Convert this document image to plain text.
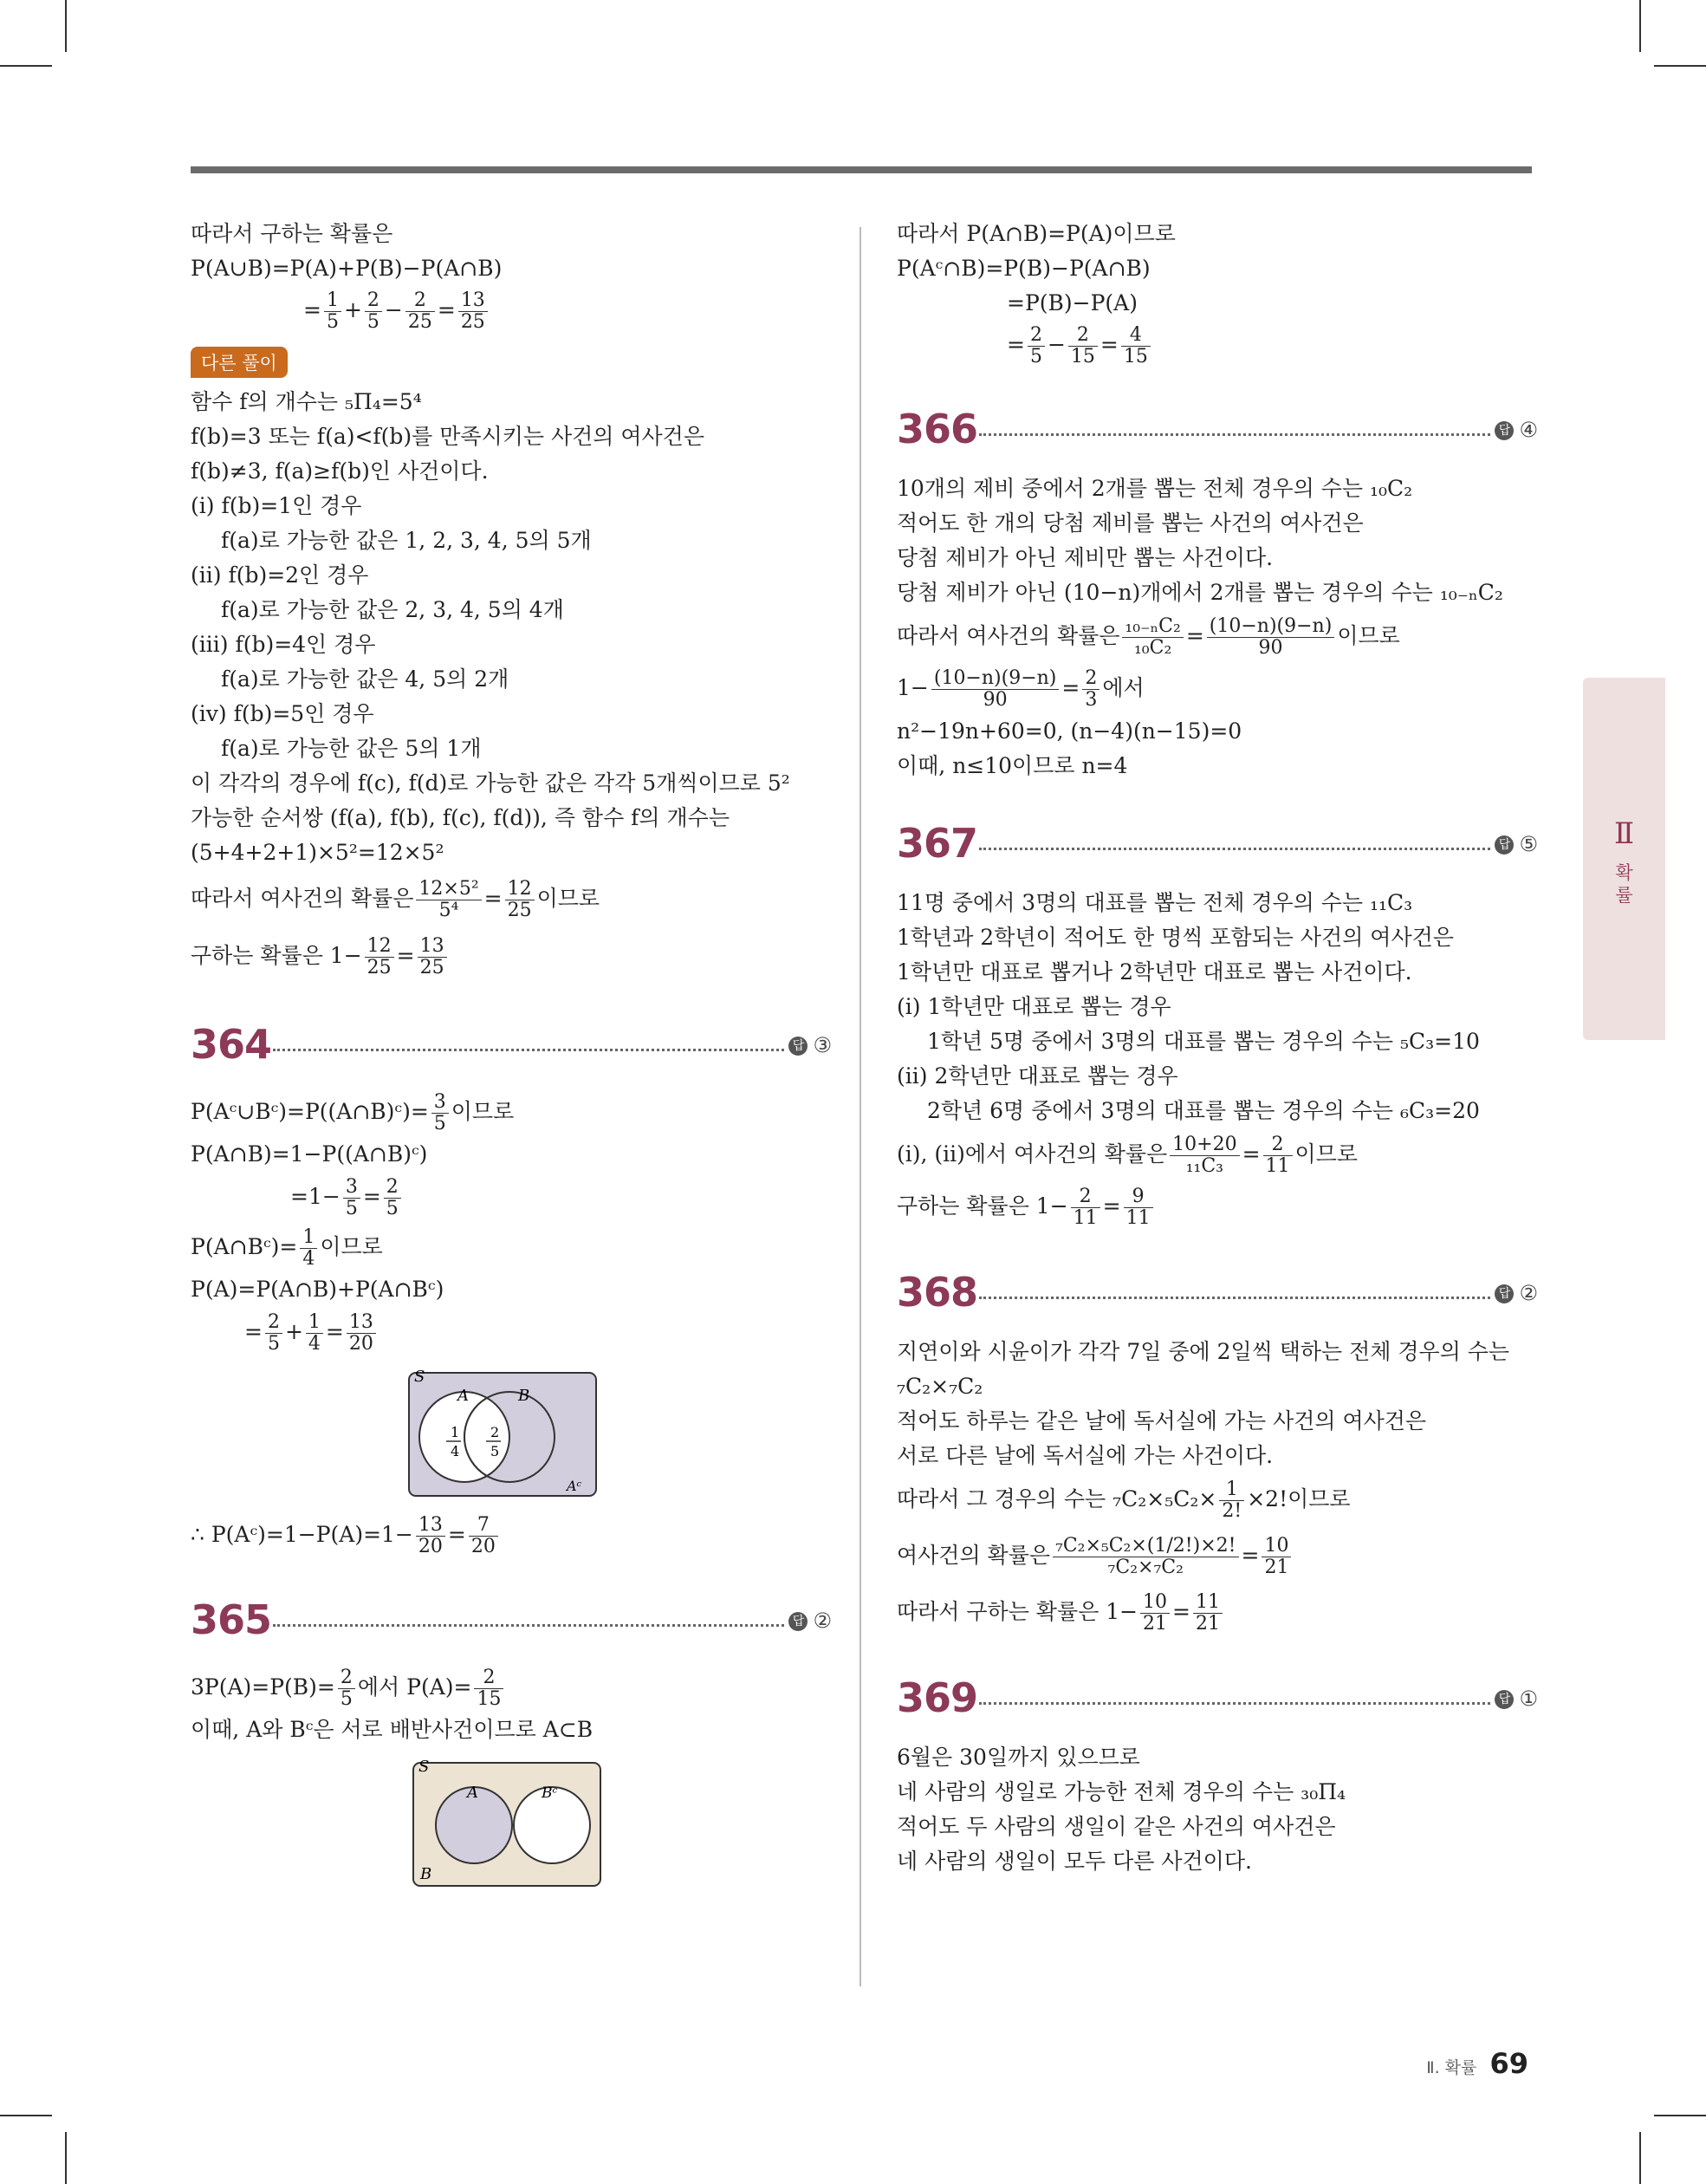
따라서 구하는 확률은
P(A∪B)=P(A)+P(B)−P(A∩B)
= $\frac{1}{5} + \frac{2}{5} - \frac{2}{25} = \frac{13}{25}$
다른 풀이
함수 f의 개수는 ₅Π₄=5⁴
f(b)=3 또는 f(a)<f(b)를 만족시키는 사건의 여사건은
f(b)≠3, f(a)≥f(b)인 사건이다.
(ⅰ) f(b)=1인 경우
f(a)로 가능한 값은 1, 2, 3, 4, 5의 5개
(ⅱ) f(b)=2인 경우
f(a)로 가능한 값은 2, 3, 4, 5의 4개
(ⅲ) f(b)=4인 경우
f(a)로 가능한 값은 4, 5의 2개
(ⅳ) f(b)=5인 경우
f(a)로 가능한 값은 5의 1개
이 각각의 경우에 f(c), f(d)로 가능한 값은 각각 5개씩이므로 5²
가능한 순서쌍 (f(a), f(b), f(c), f(d)), 즉 함수 f의 개수는
(5+4+2+1)×5²=12×5²
따라서 여사건의 확률은 $\frac{\text{12×5²}}{\text{5⁴}} = \frac{12}{25}$ 이므로
구하는 확률은 $1- \frac{12}{25} = \frac{13}{25}$
364	답 ③
P(Aᶜ∪Bᶜ)=P((A∩B)ᶜ)= $\frac{3}{5}$ 이므로
P(A∩B)=1−P((A∩B)ᶜ)
$=1- \frac{3}{5} = \frac{2}{5}$
P(A∩Bᶜ)= $\frac{1}{4}$ 이므로
P(A)=P(A∩B)+P(A∩Bᶜ)
= $\frac{2}{5} + \frac{1}{4} = \frac{13}{20}$
S
A	B
Aᶜ
1
4
2
5
∴ P(Aᶜ)=1−P(A)=1− $\frac{13}{20} = \frac{7}{20}$
365	답 ②
$3P(A)=P(B)= \frac{2}{5}$ 에서 $P(A)= \frac{2}{15}$
이때, A와 Bᶜ은 서로 배반사건이므로 A⊂B
S
A	Bᶜ
B
따라서 P(A∩B)=P(A)이므로
P(Aᶜ∩B)=P(B)−P(A∩B)
=P(B)−P(A)
= $\frac{2}{5} - \frac{2}{15} = \frac{4}{15}$
366	답 ④
10개의 제비 중에서 2개를 뽑는 전체 경우의 수는 ₁₀C₂
적어도 한 개의 당첨 제비를 뽑는 사건의 여사건은
당첨 제비가 아닌 제비만 뽑는 사건이다.
당첨 제비가 아닌 (10−n)개에서 2개를 뽑는 경우의 수는 ₁₀₋ₙC₂
따라서 여사건의 확률은 $\frac{\text{₁₀₋ₙC₂}}{\text{₁₀C₂}} = \frac{(10-n)(9-n)}{90}$ 이므로
$1- \frac{(10-n)(9-n)}{90} = \frac{2}{3}$ 에서
n²−19n+60=0, (n−4)(n−15)=0
이때, n≤10이므로 n=4
367	답 ⑤
11명 중에서 3명의 대표를 뽑는 전체 경우의 수는 ₁₁C₃
1학년과 2학년이 적어도 한 명씩 포함되는 사건의 여사건은
1학년만 대표로 뽑거나 2학년만 대표로 뽑는 사건이다.
(ⅰ) 1학년만 대표로 뽑는 경우
1학년 5명 중에서 3명의 대표를 뽑는 경우의 수는 ₅C₃=10
(ⅱ) 2학년만 대표로 뽑는 경우
2학년 6명 중에서 3명의 대표를 뽑는 경우의 수는 ₆C₃=20
(ⅰ), (ⅱ)에서 여사건의 확률은 $\frac{10+20}{\text{₁₁C₃}} = \frac{2}{11}$ 이므로
구하는 확률은 $1- \frac{2}{11} = \frac{9}{11}$
368	답 ②
지연이와 시윤이가 각각 7일 중에 2일씩 택하는 전체 경우의 수는
₇C₂×₇C₂
적어도 하루는 같은 날에 독서실에 가는 사건의 여사건은
서로 다른 날에 독서실에 가는 사건이다.
따라서 그 경우의 수는 $_7C_2\times_5C_2\times \frac{1}{2!} \times 2$!이므로
여사건의 확률은 $\frac{\text{₇C₂×₅C₂×(1/2!)×2!}}{\text{₇C₂×₇C₂}} = \frac{10}{21}$
따라서 구하는 확률은 $1- \frac{10}{21} = \frac{11}{21}$
369	답 ①
6월은 30일까지 있으므로
네 사람의 생일로 가능한 전체 경우의 수는 ₃₀Π₄
적어도 두 사람의 생일이 같은 사건의 여사건은
네 사람의 생일이 모두 다른 사건이다.
Ⅱ
확
률
Ⅱ. 확률 69
